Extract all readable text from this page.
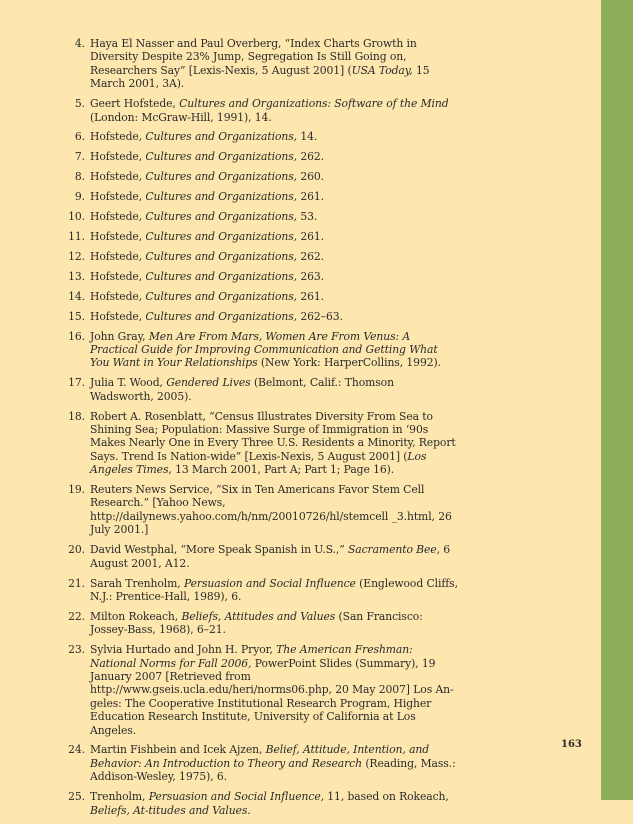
4. Haya El Nasser and Paul Overberg, “Index Charts Growth in Diversity Despite 23% Jump, Segregation Is Still Going on, Researchers Say” [Lexis-Nexis, 5 August 2001] (USA Today, 15 March 2001, 3A).
5. Geert Hofstede, Cultures and Organizations: Software of the Mind (London: McGraw-Hill, 1991), 14.
6. Hofstede, Cultures and Organizations, 14.
7. Hofstede, Cultures and Organizations, 262.
8. Hofstede, Cultures and Organizations, 260.
9. Hofstede, Cultures and Organizations, 261.
10. Hofstede, Cultures and Organizations, 53.
11. Hofstede, Cultures and Organizations, 261.
12. Hofstede, Cultures and Organizations, 262.
13. Hofstede, Cultures and Organizations, 263.
14. Hofstede, Cultures and Organizations, 261.
15. Hofstede, Cultures and Organizations, 262–63.
16. John Gray, Men Are From Mars, Women Are From Venus: A Practical Guide for Improving Communication and Getting What You Want in Your Relationships (New York: HarperCollins, 1992).
17. Julia T. Wood, Gendered Lives (Belmont, Calif.: Thomson Wadsworth, 2005).
18. Robert A. Rosenblatt, “Census Illustrates Diversity From Sea to Shining Sea; Population: Massive Surge of Immigration in ‘90s Makes Nearly One in Every Three U.S. Residents a Minority, Report Says. Trend Is Nation-wide” [Lexis-Nexis, 5 August 2001] (Los Angeles Times, 13 March 2001, Part A; Part 1; Page 16).
19. Reuters News Service, “Six in Ten Americans Favor Stem Cell Research.” [Yahoo News, http://dailynews.yahoo.com/h/nm/20010726/hl/stemcell _3.html, 26 July 2001.]
20. David Westphal, “More Speak Spanish in U.S.,” Sacramento Bee, 6 August 2001, A12.
21. Sarah Trenholm, Persuasion and Social Influence (Englewood Cliffs, N.J.: Prentice-Hall, 1989), 6.
22. Milton Rokeach, Beliefs, Attitudes and Values (San Francisco: Jossey-Bass, 1968), 6–21.
23. Sylvia Hurtado and John H. Pryor, The American Freshman: National Norms for Fall 2006, PowerPoint Slides (Summary), 19 January 2007 [Retrieved from http://www.gseis.ucla.edu/heri/norms06.php, 20 May 2007] Los An-geles: The Cooperative Institutional Research Program, Higher Education Research Institute, University of California at Los Angeles.
24. Martin Fishbein and Icek Ajzen, Belief, Attitude, Intention, and Behavior: An Introduction to Theory and Research (Reading, Mass.: Addison-Wesley, 1975), 6.
25. Trenholm, Persuasion and Social Influence, 11, based on Rokeach, Beliefs, At-titudes and Values.
163
